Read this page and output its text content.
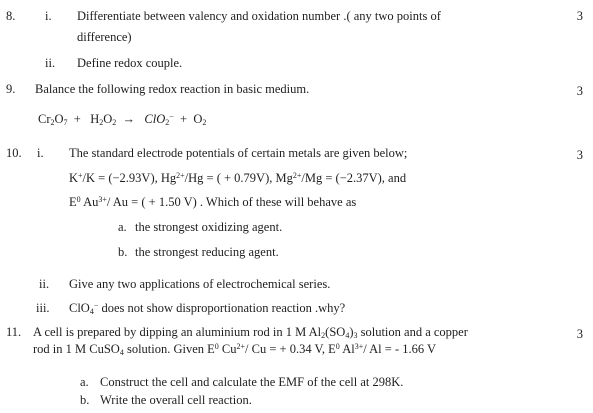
8. i. Differentiate between valency and oxidation number .( any two points of	3
difference)
ii. Define redox couple.
9. Balance the following redox reaction in basic medium.	3
$Cr_2O_7 + H_2O_2 \to ClO_2^- + O_2$
10. i. The standard electrode potentials of certain metals are given below;	3
K+/K = (−2.93V), $Hg^{2+}/Hg$ = ( + 0.79V), $Mg^{2+}/Mg = (-2.37V)$, and
$E^0$ $Au^{3+}/$ Au = ( + 1.50 V) . Which of these will behave as
a. the strongest oxidizing agent.
b. the strongest reducing agent.
ii. Give any two applications of electrochemical series.
iii. ClO$_4$− does not show disproportionation reaction .why?
11. A cell is prepared by dipping an aluminium rod in 1 M $Al_2(SO_4)_3$ solution and a copper	3
rod in 1 M CuSO$_4$ solution. Given $E^0$ $Cu^{2+}/$ Cu = + 0.34 V, $E^0$ $Al^{3+}/$ Al = - 1.66 V
a. Construct the cell and calculate the EMF of the cell at 298K.
b. Write the overall cell reaction.
